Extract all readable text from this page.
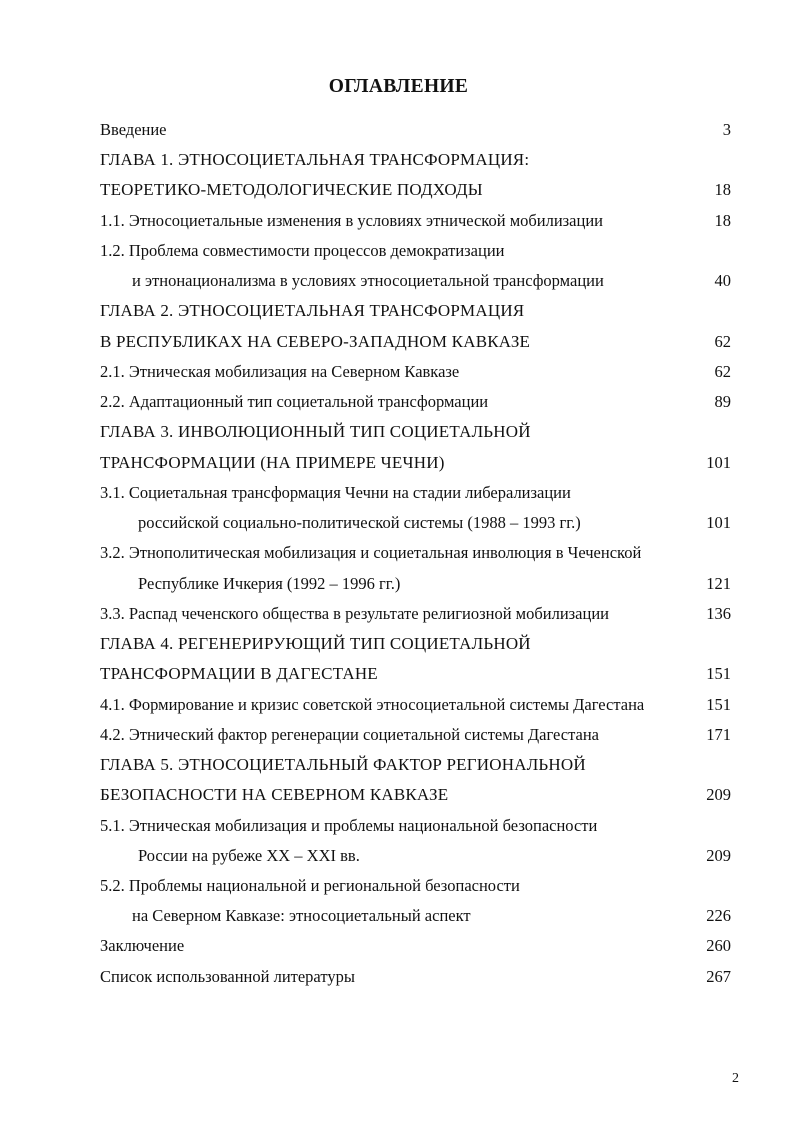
ОГЛАВЛЕНИЕ
Введение	3
ГЛАВА 1. ЭТНОСОЦИЕТАЛЬНАЯ ТРАНСФОРМАЦИЯ:
ТЕОРЕТИКО-МЕТОДОЛОГИЧЕСКИЕ ПОДХОДЫ	18
1.1. Этносоциетальные изменения в условиях этнической мобилизации	18
1.2. Проблема совместимости процессов демократизации
и этнонационализма в условиях этносоциетальной трансформации	40
ГЛАВА 2. ЭТНОСОЦИЕТАЛЬНАЯ ТРАНСФОРМАЦИЯ
В РЕСПУБЛИКАХ НА СЕВЕРО-ЗАПАДНОМ КАВКАЗЕ	62
2.1. Этническая мобилизация на Северном Кавказе	62
2.2. Адаптационный тип социетальной трансформации	89
ГЛАВА 3. ИНВОЛЮЦИОННЫЙ ТИП СОЦИЕТАЛЬНОЙ
ТРАНСФОРМАЦИИ (НА ПРИМЕРЕ ЧЕЧНИ)	101
3.1. Социетальная трансформация Чечни на стадии либерализации
российской социально-политической системы (1988 – 1993 гг.)	101
3.2. Этнополитическая мобилизация и социетальная инволюция в Чеченской
Республике Ичкерия (1992 – 1996 гг.)	121
3.3. Распад чеченского общества в результате религиозной мобилизации	136
ГЛАВА 4. РЕГЕНЕРИРУЮЩИЙ ТИП СОЦИЕТАЛЬНОЙ
ТРАНСФОРМАЦИИ В ДАГЕСТАНЕ	151
4.1. Формирование и кризис советской этносоциетальной системы Дагестана	151
4.2. Этнический фактор регенерации социетальной системы Дагестана	171
ГЛАВА 5. ЭТНОСОЦИЕТАЛЬНЫЙ ФАКТОР РЕГИОНАЛЬНОЙ
БЕЗОПАСНОСТИ НА СЕВЕРНОМ КАВКАЗЕ	209
5.1. Этническая мобилизация и проблемы национальной безопасности
России на рубеже XX – XXI вв.	209
5.2. Проблемы национальной и региональной безопасности
на Северном Кавказе: этносоциетальный аспект	226
Заключение	260
Список использованной литературы	267
2
